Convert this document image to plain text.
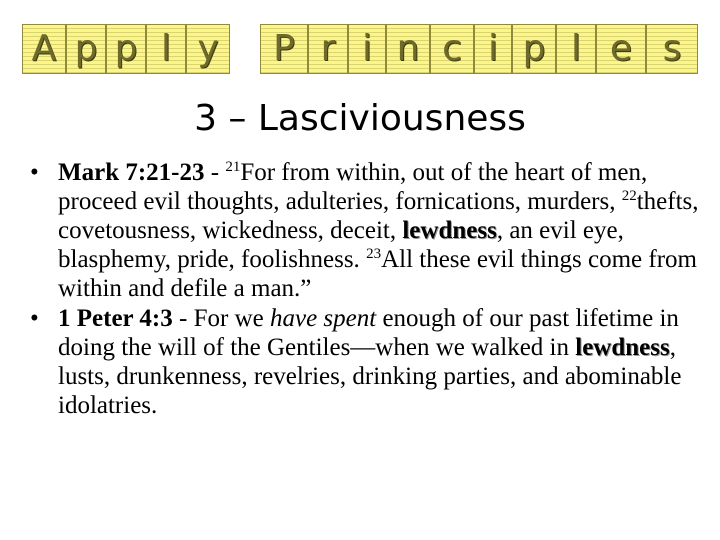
A p p l y	P r i n c i p l e s
3 – Lasciviousness
• Mark 7:21-23 - $^{21}$For from within, out of the heart of men, proceed evil thoughts, adulteries, fornications, murders, $^{22}$thefts, covetousness, wickedness, deceit, lewdness, an evil eye, blasphemy, pride, foolishness. $^{23}$All these evil things come from within and defile a man.”
• 1 Peter 4:3 - For we have spent enough of our past lifetime in doing the will of the Gentiles—when we walked in lewdness, lusts, drunkenness, revelries, drinking parties, and abominable idolatries.
